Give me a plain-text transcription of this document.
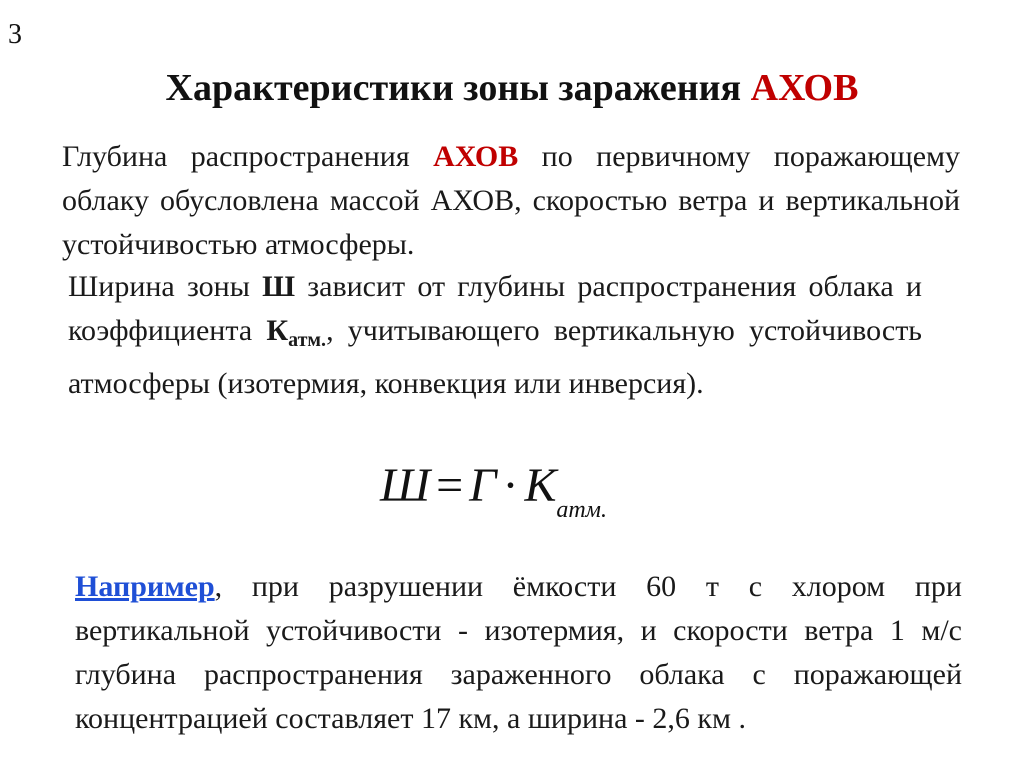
3
Характеристики зоны заражения АХОВ

Глубина распространения АХОВ по первичному поражающему облаку обусловлена массой АХОВ, скоростью ветра и вертикальной устойчивостью атмосферы.

Ширина зоны Ш зависит от глубины распространения облака и коэффициента $К_{атм.}$, учитывающего вертикальную устойчивость атмосферы (изотермия, конвекция или инверсия).

$Ш = Г \cdot К_{атм.}$

Например, при разрушении ёмкости 60 т с хлором при вертикальной устойчивости - изотермия, и скорости ветра 1 м/с глубина распространения зараженного облака с поражающей концентрацией составляет 17 км, а ширина - 2,6 км .
